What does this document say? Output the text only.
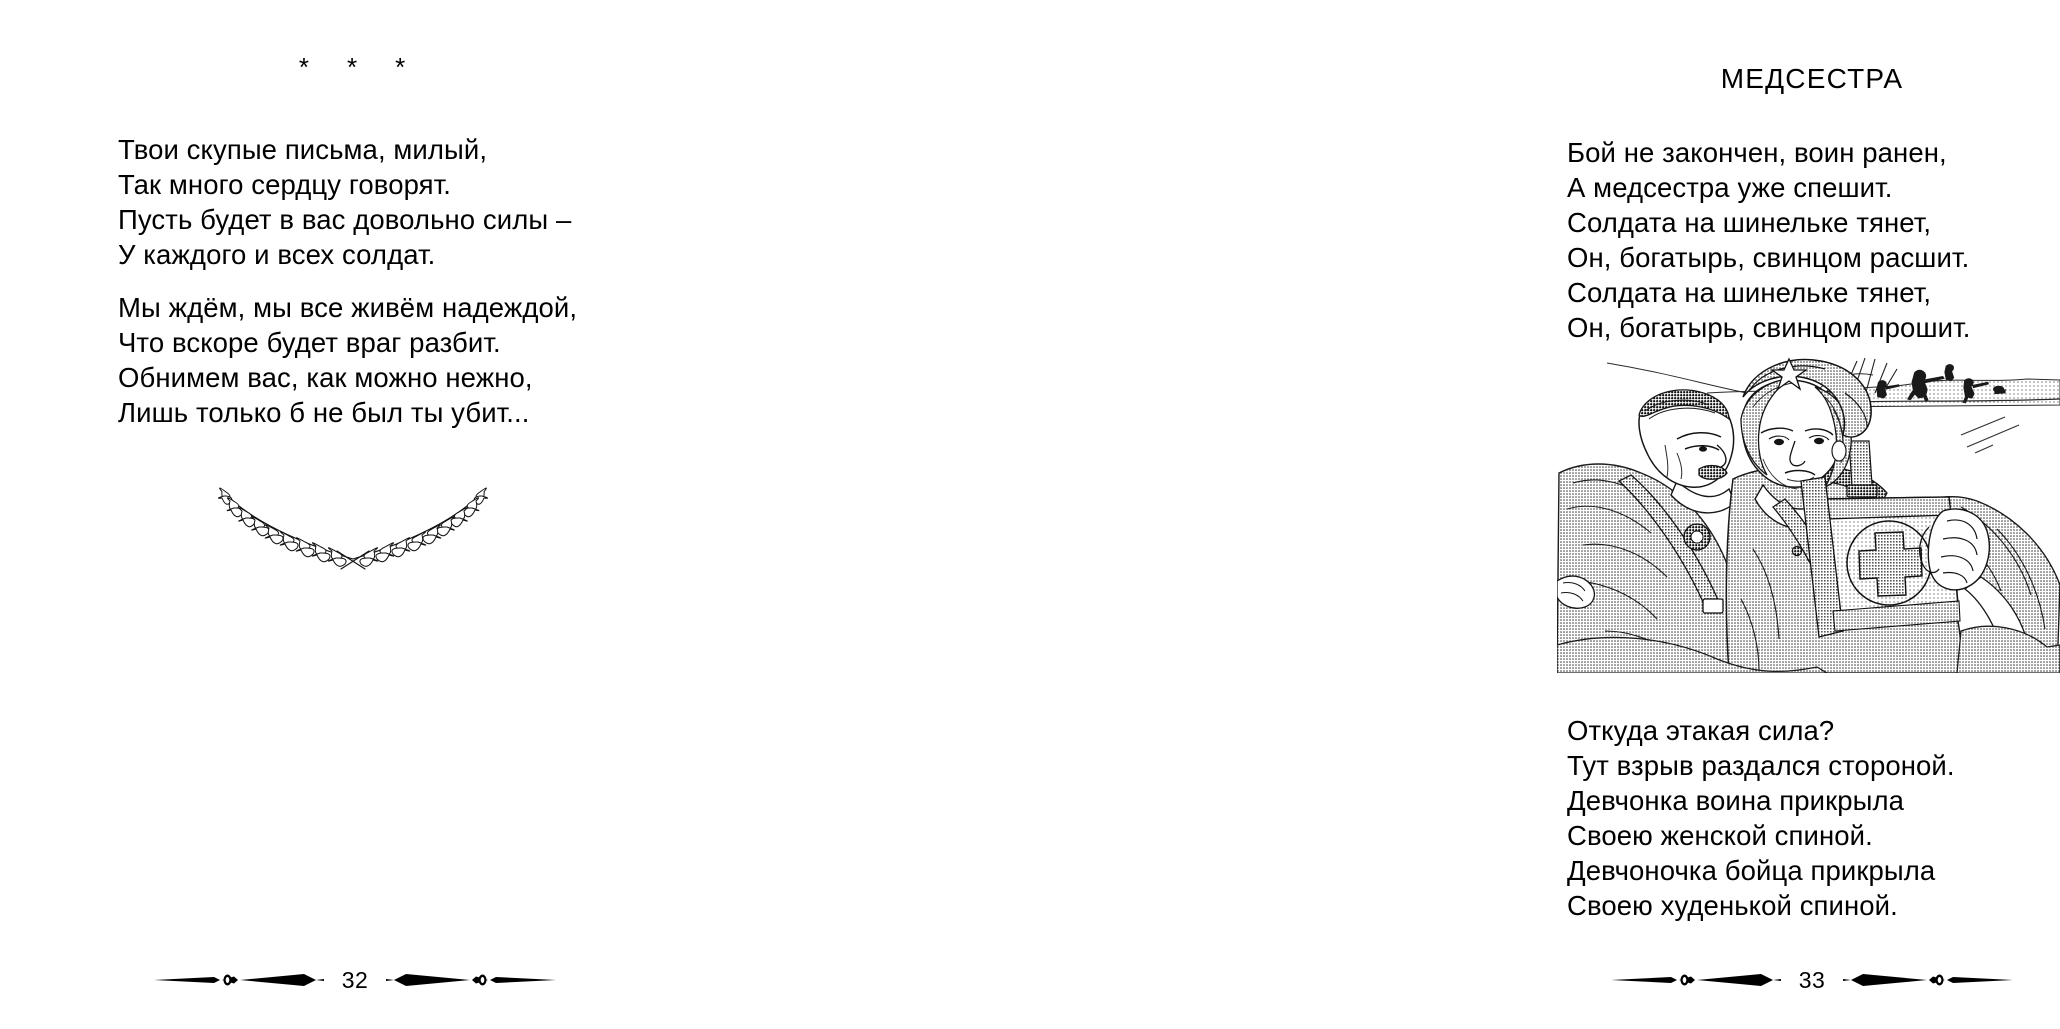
* * *
Твои скупые письма, милый,
Так много сердцу говорят.
Пусть будет в вас довольно силы –
У каждого и всех солдат.
Мы ждём, мы все живём надеждой,
Что вскоре будет враг разбит.
Обнимем вас, как можно нежно,
Лишь только б не был ты убит...
32
МЕДСЕСТРА
Бой не закончен, воин ранен,
А медсестра уже спешит.
Солдата на шинельке тянет,
Он, богатырь, свинцом расшит.
Солдата на шинельке тянет,
Он, богатырь, свинцом прошит.
Откуда этакая сила?
Тут взрыв раздался стороной.
Девчонка воина прикрыла
Своею женской спиной.
Девчоночка бойца прикрыла
Своею худенькой спиной.
33
